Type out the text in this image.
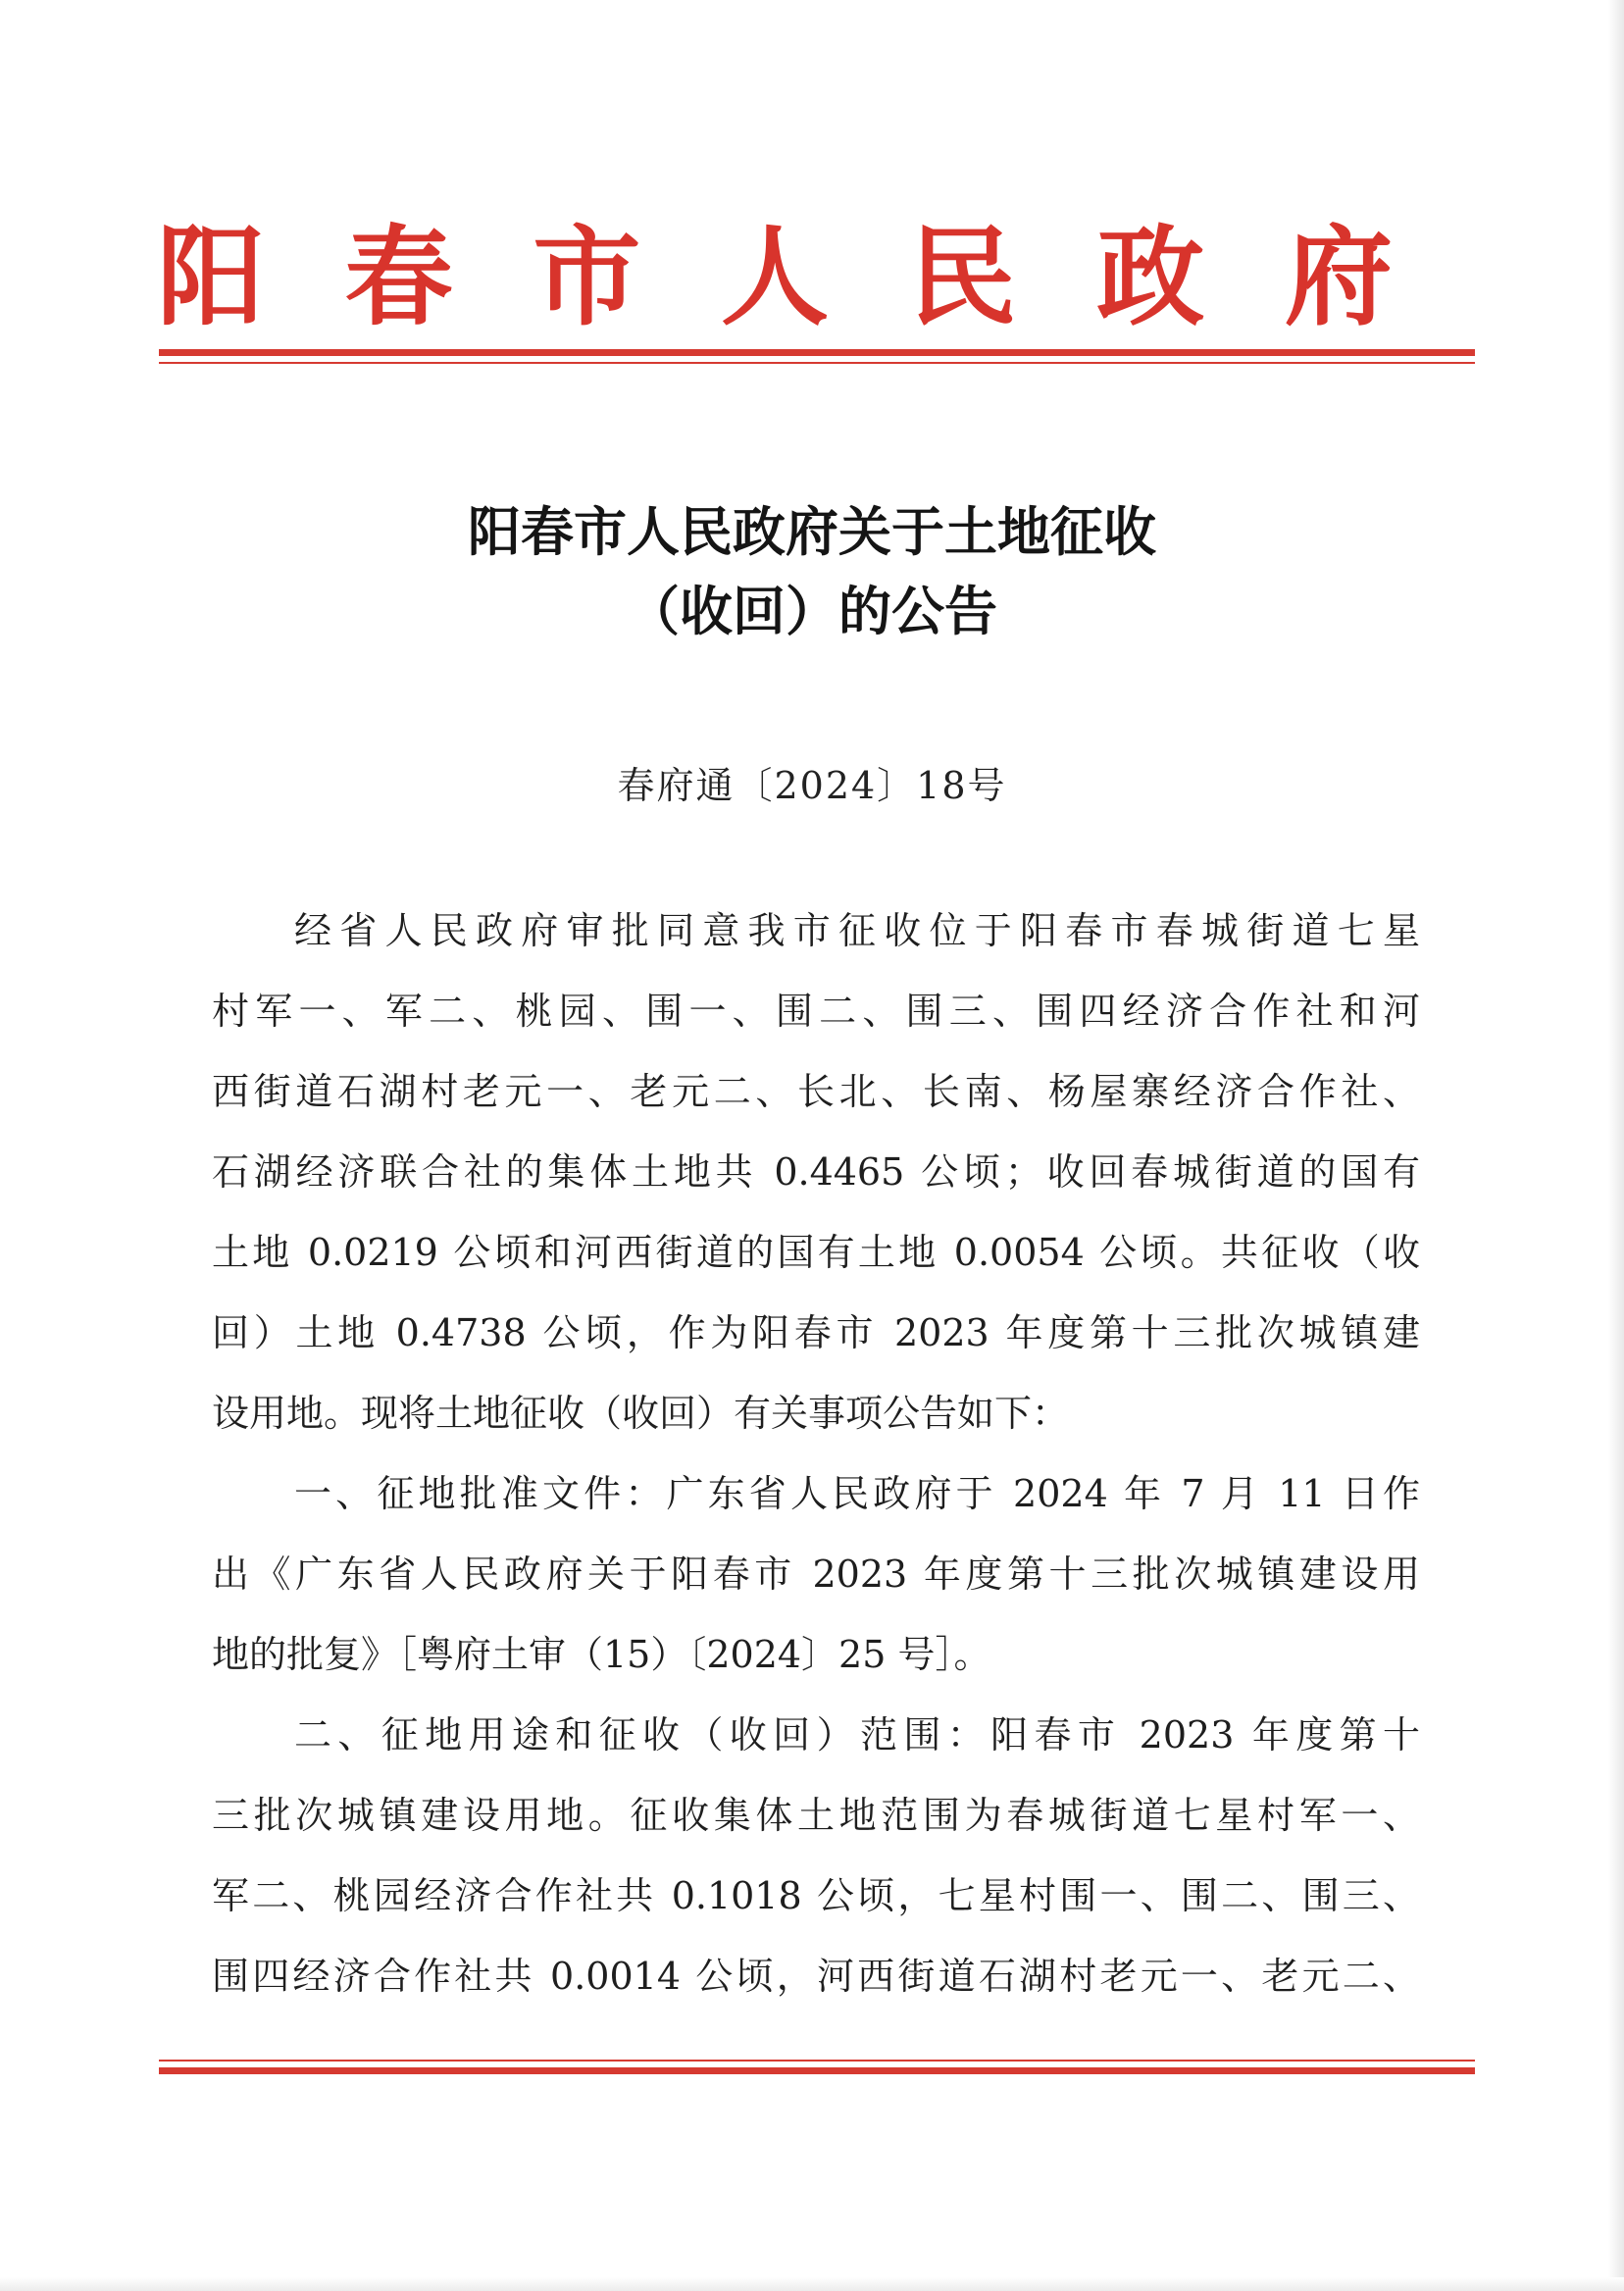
阳 春 市 人 民 政 府
阳春市人民政府关于土地征收
（收回）的公告
春府通〔2024〕18号
经省人民政府审批同意我市征收位于阳春市春城街道七星
村军一、军二、桃园、围一、围二、围三、围四经济合作社和河
西街道石湖村老元一、老元二、长北、长南、杨屋寨经济合作社、
石湖经济联合社的集体土地共 0.4465 公顷；收回春城街道的国有
土地 0.0219 公顷和河西街道的国有土地 0.0054 公顷。共征收（收
回）土地 0.4738 公顷，作为阳春市 2023 年度第十三批次城镇建
设用地。现将土地征收（收回）有关事项公告如下：
一、征地批准文件：广东省人民政府于 2024 年 7 月 11 日作
出《广东省人民政府关于阳春市 2023 年度第十三批次城镇建设用
地的批复》［粤府土审（15）〔2024〕25 号］。
二、征地用途和征收（收回）范围：阳春市 2023 年度第十
三批次城镇建设用地。征收集体土地范围为春城街道七星村军一、
军二、桃园经济合作社共 0.1018 公顷，七星村围一、围二、围三、
围四经济合作社共 0.0014 公顷，河西街道石湖村老元一、老元二、
